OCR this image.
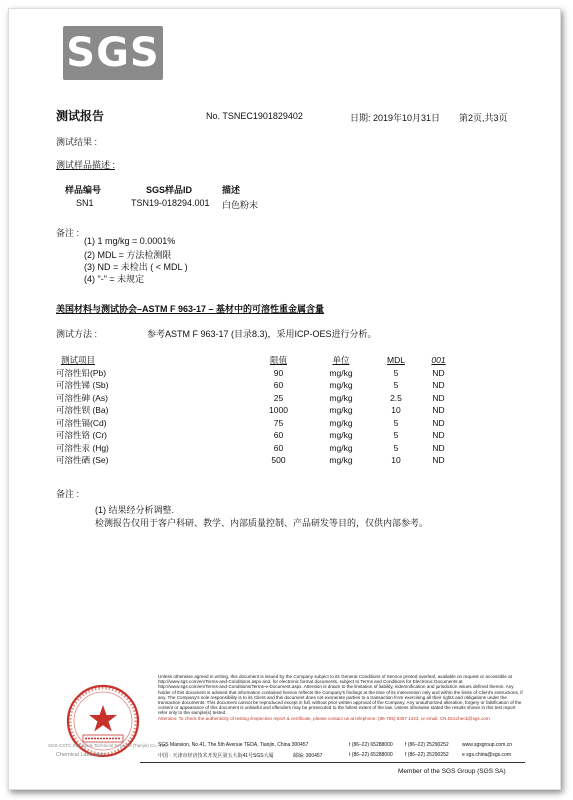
SGS
测试报告	No. TSNEC1901829402	日期: 2019年10月31日 第2页,共3页
测试结果 :
测试样品描述 :
样品编号	SGS样品ID	描述
SN1	TSN19-018294.001 白色粉末
备注 :
(1) 1 mg/kg = 0.0001%
(2) MDL = 方法检测限
(3) ND = 未检出 ( < MDL )
(4) "-" = 未规定
美国材料与测试协会–ASTM F 963-17 – 基材中的可溶性重金属含量
测试方法 :	参考ASTM F 963-17 (目录8.3)，采用ICP-OES进行分析。
测试项目	限值	单位	MDL	001
可溶性铅(Pb)	90	mg/kg	5	ND
可溶性锑 (Sb)	60	mg/kg	5	ND
可溶性砷 (As)	25	mg/kg	2.5	ND
可溶性钡 (Ba)	1000	mg/kg	10	ND
可溶性镉(Cd)	75	mg/kg	5	ND
可溶性铬 (Cr)	60	mg/kg	5	ND
可溶性汞 (Hg)	60	mg/kg	5	ND
可溶性硒 (Se)	500	mg/kg	10	ND
备注 :
(1) 结果经分析调整.
检测报告仅用于客户科研、教学、内部质量控制、产品研发等目的，仅供内部参考。
SGS-CSTC Standards Technical Services (Tianjin) Co., Ltd.
Chemical Laboratory
Unless otherwise agreed in writing, this document is issued by the Company subject to its General Conditions of Service printed overleaf, available on request or accessible at http://www.sgs.com/en/Terms-and-Conditions.aspx and, for electronic format documents, subject to Terms and Conditions for Electronic Documents at http://www.sgs.com/en/Terms-and-Conditions/Terms-e-Document.aspx. Attention is drawn to the limitation of liability, indemnification and jurisdiction issues defined therein. Any holder of this document is advised that information contained hereon reflects the Company's findings at the time of its intervention only and within the limits of Client's instructions, if any. The Company's sole responsibility is to its Client and this document does not exonerate parties to a transaction from exercising all their rights and obligations under the transaction documents. This document cannot be reproduced except in full, without prior written approval of the Company. Any unauthorized alteration, forgery or falsification of the content or appearance of this document is unlawful and offenders may be prosecuted to the fullest extent of the law. Unless otherwise stated the results shown in this test report refer only to the sample(s) tested .
Attention: To check the authenticity of testing /inspection report & certificate, please contact us at telephone: (86-755) 8307 1443, or email: CN.Doccheck@sgs.com
SGS Mansion, No.41, The 5th Avenue TEDA, Tianjin, China 300457	t (86–22) 65288000 f (86–22) 25290252	www.sgsgroup.com.cn
中国 · 天津市经济技术开发区第五大街41号SGS大厦	邮编: 300457	t (86–22) 65288000 f (86–22) 25290252	e sgs.china@sgs.com
Member of the SGS Group (SGS SA)
